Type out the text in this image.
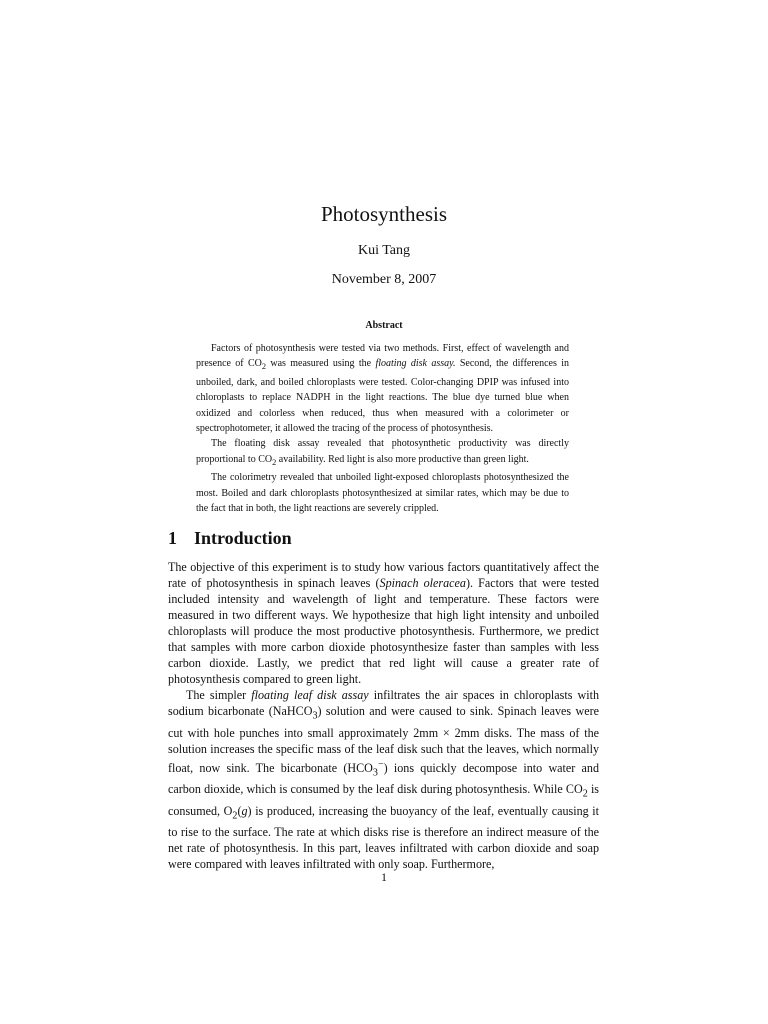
Photosynthesis
Kui Tang
November 8, 2007
Abstract

Factors of photosynthesis were tested via two methods. First, effect of wavelength and presence of $CO_2$ was measured using the floating disk assay. Second, the differences in unboiled, dark, and boiled chloroplasts were tested. Color-changing DPIP was infused into chloroplasts to replace NADPH in the light reactions. The blue dye turned blue when oxidized and colorless when reduced, thus when measured with a colorimeter or spectrophotometer, it allowed the tracing of the process of photosynthesis.

The floating disk assay revealed that photosynthetic productivity was directly proportional to $CO_2$ availability. Red light is also more productive than green light.

The colorimetry revealed that unboiled light-exposed chloroplasts photosynthesized the most. Boiled and dark chloroplasts photosynthesized at similar rates, which may be due to the fact that in both, the light reactions are severely crippled.

1 Introduction

The objective of this experiment is to study how various factors quantitatively affect the rate of photosynthesis in spinach leaves (Spinach oleracea). Factors that were tested included intensity and wavelength of light and temperature. These factors were measured in two different ways. We hypothesize that high light intensity and unboiled chloroplasts will produce the most productive photosynthesis. Furthermore, we predict that samples with more carbon dioxide photosynthesize faster than samples with less carbon dioxide. Lastly, we predict that red light will cause a greater rate of photosynthesis compared to green light.

The simpler floating leaf disk assay infiltrates the air spaces in chloroplasts with sodium bicarbonate (NaHCO$_3$) solution and were caused to sink. Spinach leaves were cut with hole punches into small approximately 2mm × 2mm disks. The mass of the solution increases the specific mass of the leaf disk such that the leaves, which normally float, now sink. The bicarbonate $(HCO_3^-)$ ions quickly decompose into water and carbon dioxide, which is consumed by the leaf disk during photosynthesis. While $CO_2$ is consumed, $O_2(g)$ is produced, increasing the buoyancy of the leaf, eventually causing it to rise to the surface. The rate at which disks rise is therefore an indirect measure of the net rate of photosynthesis. In this part, leaves infiltrated with carbon dioxide and soap were compared with leaves infiltrated with only soap. Furthermore,

1
